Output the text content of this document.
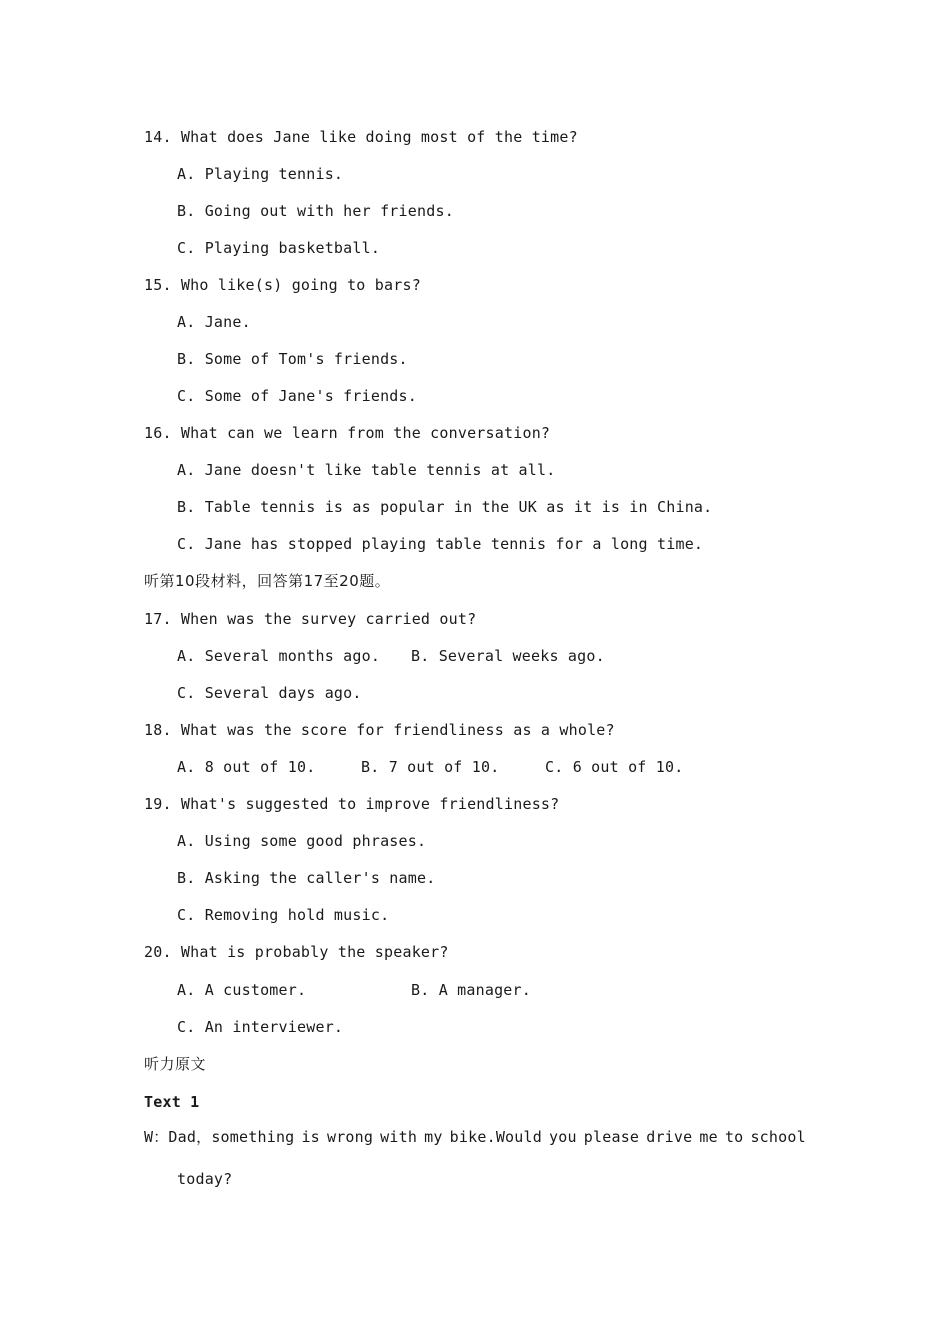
14. What does Jane like doing most of the time?
A. Playing tennis.
B. Going out with her friends.
C. Playing basketball.
15. Who like(s) going to bars?
A. Jane.
B. Some of Tom's friends.
C. Some of Jane's friends.
16. What can we learn from the conversation?
A. Jane doesn't like table tennis at all.
B. Table tennis is as popular in the UK as it is in China.
C. Jane has stopped playing table tennis for a long time.
听第10段材料，回答第17至20题。
17. When was the survey carried out?
A. Several months ago. B. Several weeks ago.
C. Several days ago.
18. What was the score for friendliness as a whole?
A. 8 out of 10.	B. 7 out of 10.	C. 6 out of 10.
19. What's suggested to improve friendliness?
A. Using some good phrases.
B. Asking the caller's name.
C. Removing hold music.
20. What is probably the speaker?
A. A customer.	B. A manager.
C. An interviewer.
听力原文
Text 1
W：Dad，something is wrong with my bike.Would you please drive me to school
today?
